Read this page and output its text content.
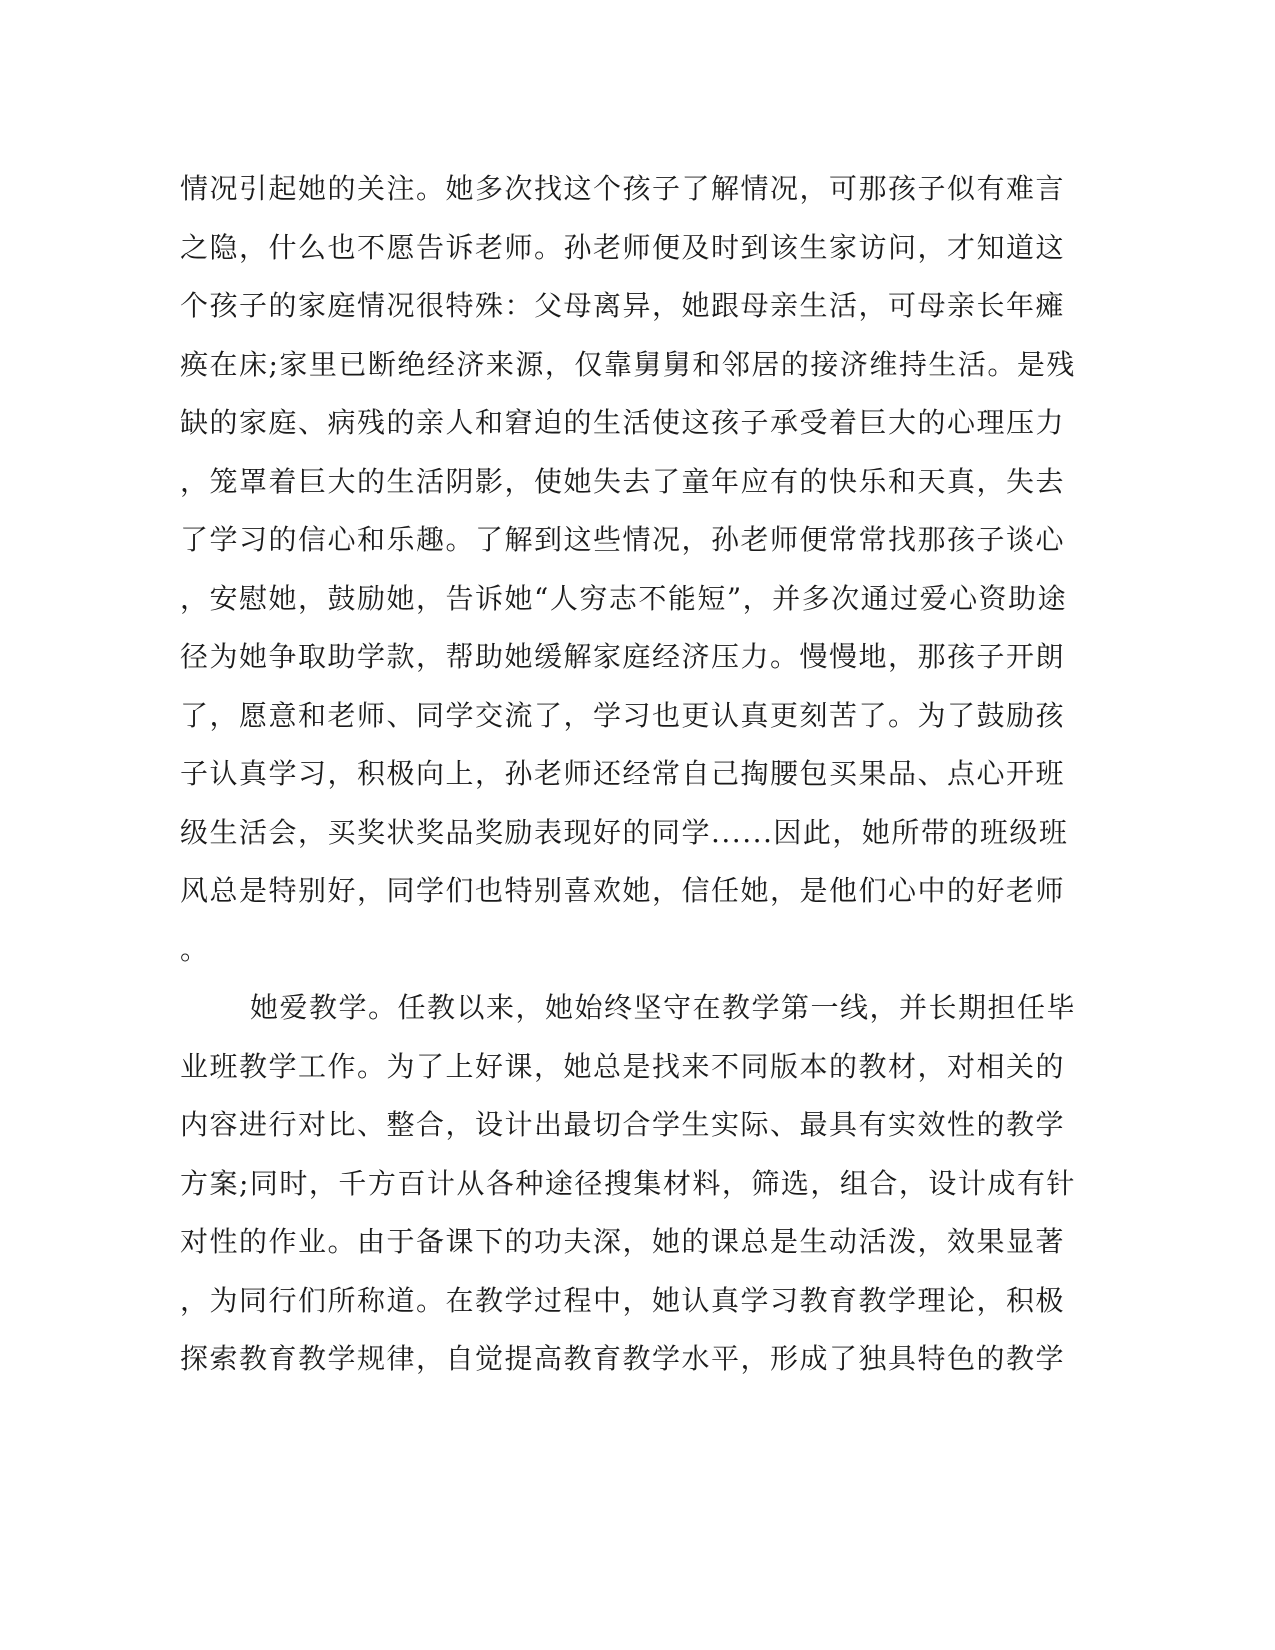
情况引起她的关注。她多次找这个孩子了解情况，可那孩子似有难言
之隐，什么也不愿告诉老师。孙老师便及时到该生家访问，才知道这
个孩子的家庭情况很特殊：父母离异，她跟母亲生活，可母亲长年瘫
痪在床;家里已断绝经济来源，仅靠舅舅和邻居的接济维持生活。是残
缺的家庭、病残的亲人和窘迫的生活使这孩子承受着巨大的心理压力
，笼罩着巨大的生活阴影，使她失去了童年应有的快乐和天真，失去
了学习的信心和乐趣。了解到这些情况，孙老师便常常找那孩子谈心
，安慰她，鼓励她，告诉她“人穷志不能短”，并多次通过爱心资助途
径为她争取助学款，帮助她缓解家庭经济压力。慢慢地，那孩子开朗
了，愿意和老师、同学交流了，学习也更认真更刻苦了。为了鼓励孩
子认真学习，积极向上，孙老师还经常自己掏腰包买果品、点心开班
级生活会，买奖状奖品奖励表现好的同学......因此，她所带的班级班
风总是特别好，同学们也特别喜欢她，信任她，是他们心中的好老师
。
她爱教学。任教以来，她始终坚守在教学第一线，并长期担任毕
业班教学工作。为了上好课，她总是找来不同版本的教材，对相关的
内容进行对比、整合，设计出最切合学生实际、最具有实效性的教学
方案;同时，千方百计从各种途径搜集材料，筛选，组合，设计成有针
对性的作业。由于备课下的功夫深，她的课总是生动活泼，效果显著
，为同行们所称道。在教学过程中，她认真学习教育教学理论，积极
探索教育教学规律，自觉提高教育教学水平，形成了独具特色的教学
